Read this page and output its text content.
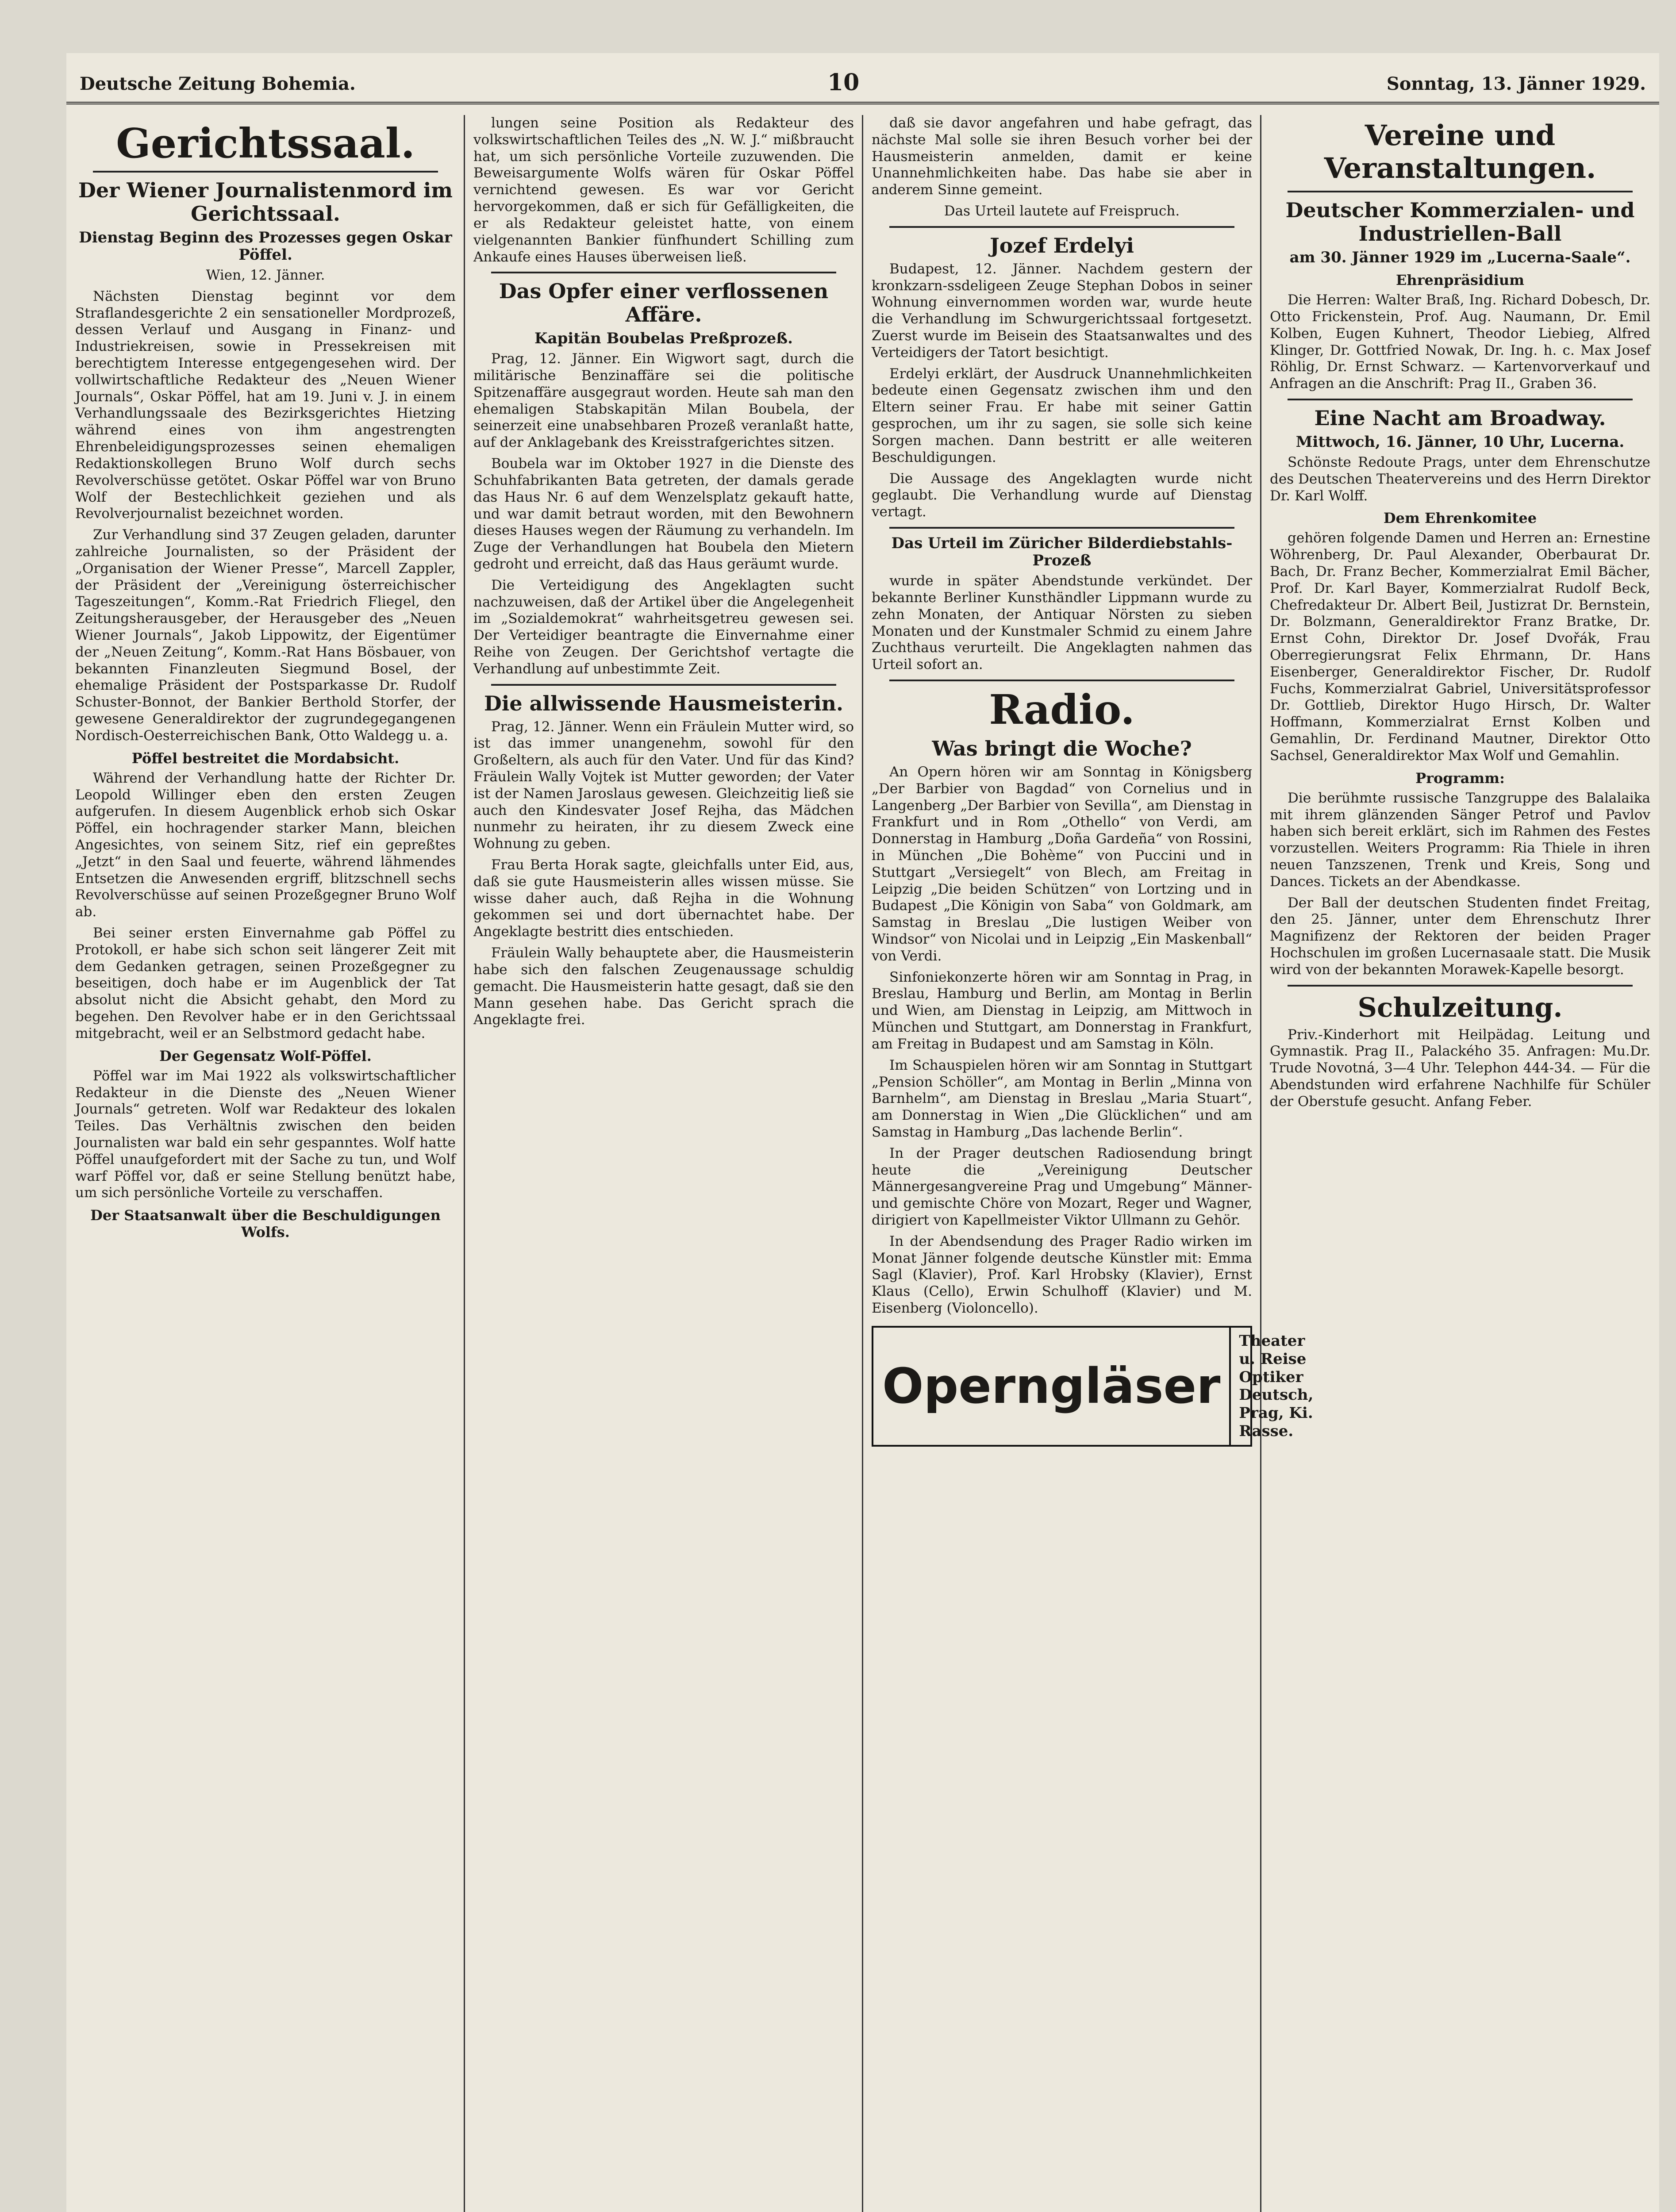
Deutsche Zeitung Bohemia.	10	Sonntag, 13. Jänner 1929.
Gerichtssaal.
Der Wiener Journalistenmord im Gerichtssaal.
Dienstag Beginn des Prozesses gegen Oskar Pöffel.

Wien, 12. Jänner.

Nächsten Dienstag beginnt vor dem Straflandesgerichte 2 ein sensationeller Mordprozeß, dessen Verlauf und Ausgang in Finanz- und Industriekreisen, sowie in Pressekreisen mit berechtigtem Interesse entgegengesehen wird. Der vollwirtschaftliche Redakteur des „Neuen Wiener Journals“, Oskar Pöffel, hat am 19. Juni v. J. in einem Verhandlungssaale des Bezirksgerichtes Hietzing während eines von ihm angestrengten Ehrenbeleidigungsprozesses seinen ehemaligen Redaktionskollegen Bruno Wolf durch sechs Revolverschüsse getötet. Oskar Pöffel war von Bruno Wolf der Bestechlichkeit geziehen und als Revolverjournalist bezeichnet worden.

Zur Verhandlung sind 37 Zeugen geladen, darunter zahlreiche Journalisten, so der Präsident der „Organisation der Wiener Presse“, Marcell Zappler, der Präsident der „Vereinigung österreichischer Tageszeitungen“, Komm.-Rat Friedrich Fliegel, den Zeitungsherausgeber, der Herausgeber des „Neuen Wiener Journals“, Jakob Lippowitz, der Eigentümer der „Neuen Zeitung“, Komm.-Rat Hans Bösbauer, von bekannten Finanzleuten Siegmund Bosel, der ehemalige Präsident der Postsparkasse Dr. Rudolf Schuster-Bonnot, der Bankier Berthold Storfer, der gewesene Generaldirektor der zugrundegegangenen Nordisch-Oesterreichischen Bank, Otto Waldegg u. a.

Pöffel bestreitet die Mordabsicht.

Während der Verhandlung hatte der Richter Dr. Leopold Willinger eben den ersten Zeugen aufgerufen. In diesem Augenblick erhob sich Oskar Pöffel, ein hochragender starker Mann, bleichen Angesichtes, von seinem Sitz, rief ein gepreßtes „Jetzt“ in den Saal und feuerte, während lähmendes Entsetzen die Anwesenden ergriff, blitzschnell sechs Revolverschüsse auf seinen Prozeßgegner Bruno Wolf ab.

Bei seiner ersten Einvernahme gab Pöffel zu Protokoll, er habe sich schon seit längerer Zeit mit dem Gedanken getragen, seinen Prozeßgegner zu beseitigen, doch habe er im Augenblick der Tat absolut nicht die Absicht gehabt, den Mord zu begehen. Den Revolver habe er in den Gerichtssaal mitgebracht, weil er an Selbstmord gedacht habe.

Der Gegensatz Wolf-Pöffel.

Pöffel war im Mai 1922 als volkswirtschaftlicher Redakteur in die Dienste des „Neuen Wiener Journals“ getreten. Wolf war Redakteur des lokalen Teiles. Das Verhältnis zwischen den beiden Journalisten war bald ein sehr gespanntes. Wolf hatte Pöffel unaufgefordert mit der Sache zu tun, und Wolf warf Pöffel vor, daß er seine Stellung benützt habe, um sich persönliche Vorteile zu verschaffen.

Der Staatsanwalt über die Beschuldigungen Wolfs.

lungen seine Position als Redakteur des volkswirtschaftlichen Teiles des „N. W. J.“ mißbraucht hat, um sich persönliche Vorteile zuzuwenden. Die Beweisargumente Wolfs wären für Oskar Pöffel vernichtend gewesen. Es war vor Gericht hervorgekommen, daß er sich für Gefälligkeiten, die er als Redakteur geleistet hatte, von einem vielgenannten Bankier fünfhundert Schilling zum Ankaufe eines Hauses überweisen ließ.

Das Opfer einer verflossenen Affäre.
Kapitän Boubelas Preßprozeß.

Prag, 12. Jänner. Ein Wigwort sagt, durch die militärische Benzinaffäre sei die politische Spitzenaffäre ausgegraut worden. Heute sah man den ehemaligen Stabskapitän Milan Boubela, der seinerzeit eine unabsehbaren Prozeß veranlaßt hatte, auf der Anklagebank des Kreisstrafgerichtes sitzen.

Boubela war im Oktober 1927 in die Dienste des Schuhfabrikanten Bata getreten, der damals gerade das Haus Nr. 6 auf dem Wenzelsplatz gekauft hatte, und war damit betraut worden, mit den Bewohnern dieses Hauses wegen der Räumung zu verhandeln. Im Zuge der Verhandlungen hat Boubela den Mietern gedroht und erreicht, daß das Haus geräumt wurde.

Die Verteidigung des Angeklagten sucht nachzuweisen, daß der Artikel über die Angelegenheit im „Sozialdemokrat“ wahrheitsgetreu gewesen sei. Der Verteidiger beantragte die Einvernahme einer Reihe von Zeugen. Der Gerichtshof vertagte die Verhandlung auf unbestimmte Zeit.

Die allwissende Hausmeisterin.

Prag, 12. Jänner. Wenn ein Fräulein Mutter wird, so ist das immer unangenehm, sowohl für den Großeltern, als auch für den Vater. Und für das Kind? Fräulein Wally Vojtek ist Mutter geworden; der Vater ist der Namen Jaroslaus gewesen. Gleichzeitig ließ sie auch den Kindesvater Josef Rejha, das Mädchen nunmehr zu heiraten, ihr zu diesem Zweck eine Wohnung zu geben.

Frau Berta Horak sagte, gleichfalls unter Eid, aus, daß sie gute Hausmeisterin alles wissen müsse. Sie wisse daher auch, daß Rejha in die Wohnung gekommen sei und dort übernachtet habe. Der Angeklagte bestritt dies entschieden.

Fräulein Wally behauptete aber, die Hausmeisterin habe sich den falschen Zeugenaussage schuldig gemacht. Die Hausmeisterin hatte gesagt, daß sie den Mann gesehen habe. Das Gericht sprach die Angeklagte frei.

daß sie davor angefahren und habe gefragt, das nächste Mal solle sie ihren Besuch vorher bei der Hausmeisterin anmelden, damit er keine Unannehmlichkeiten habe. Das habe sie aber in anderem Sinne gemeint.

Das Urteil lautete auf Freispruch.

Jozef Erdelyi

Budapest, 12. Jänner. Nachdem gestern der kronkzarn-ssdeligeen Zeuge Stephan Dobos in seiner Wohnung einvernommen worden war, wurde heute die Verhandlung im Schwurgerichtssaal fortgesetzt. Zuerst wurde im Beisein des Staatsanwaltes und des Verteidigers der Tatort besichtigt.

Erdelyi erklärt, der Ausdruck Unannehmlichkeiten bedeute einen Gegensatz zwischen ihm und den Eltern seiner Frau. Er habe mit seiner Gattin gesprochen, um ihr zu sagen, sie solle sich keine Sorgen machen. Dann bestritt er alle weiteren Beschuldigungen.

Die Aussage des Angeklagten wurde nicht geglaubt. Die Verhandlung wurde auf Dienstag vertagt.

Das Urteil im Züricher Bilderdiebstahls-Prozeß

wurde in später Abendstunde verkündet. Der bekannte Berliner Kunsthändler Lippmann wurde zu zehn Monaten, der Antiquar Nörsten zu sieben Monaten und der Kunstmaler Schmid zu einem Jahre Zuchthaus verurteilt. Die Angeklagten nahmen das Urteil sofort an.

Radio.
Was bringt die Woche?

An Opern hören wir am Sonntag in Königsberg „Der Barbier von Bagdad“ von Cornelius und in Langenberg „Der Barbier von Sevilla“, am Dienstag in Frankfurt und in Rom „Othello“ von Verdi, am Donnerstag in Hamburg „Doña Gardeña“ von Rossini, in München „Die Bohème“ von Puccini und in Stuttgart „Versiegelt“ von Blech, am Freitag in Leipzig „Die beiden Schützen“ von Lortzing und in Budapest „Die Königin von Saba“ von Goldmark, am Samstag in Breslau „Die lustigen Weiber von Windsor“ von Nicolai und in Leipzig „Ein Maskenball“ von Verdi.

Sinfoniekonzerte hören wir am Sonntag in Prag, in Breslau, Hamburg und Berlin, am Montag in Berlin und Wien, am Dienstag in Leipzig, am Mittwoch in München und Stuttgart, am Donnerstag in Frankfurt, am Freitag in Budapest und am Samstag in Köln.

Im Schauspielen hören wir am Sonntag in Stuttgart „Pension Schöller“, am Montag in Berlin „Minna von Barnhelm“, am Dienstag in Breslau „Maria Stuart“, am Donnerstag in Wien „Die Glücklichen“ und am Samstag in Hamburg „Das lachende Berlin“.

In der Prager deutschen Radiosendung bringt heute die „Vereinigung Deutscher Männergesangvereine Prag und Umgebung“ Männer- und gemischte Chöre von Mozart, Reger und Wagner, dirigiert von Kapellmeister Viktor Ullmann zu Gehör.

In der Abendsendung des Prager Radio wirken im Monat Jänner folgende deutsche Künstler mit: Emma Sagl (Klavier), Prof. Karl Hrobsky (Klavier), Ernst Klaus (Cello), Erwin Schulhoff (Klavier) und M. Eisenberg (Violoncello).

Operngläser
Theater u. Reise Optiker Deutsch, Prag, Ki. Rasse.
Vereine und Veranstaltungen.
Deutscher Kommerzialen- und Industriellen-Ball
am 30. Jänner 1929 im „Lucerna-Saale“.
Ehrenpräsidium

Die Herren: Walter Braß, Ing. Richard Dobesch, Dr. Otto Frickenstein, Prof. Aug. Naumann, Dr. Emil Kolben, Eugen Kuhnert, Theodor Liebieg, Alfred Klinger, Dr. Gottfried Nowak, Dr. Ing. h. c. Max Josef Röhlig, Dr. Ernst Schwarz. — Kartenvorverkauf und Anfragen an die Anschrift: Prag II., Graben 36.

Eine Nacht am Broadway.
Mittwoch, 16. Jänner, 10 Uhr, Lucerna.

Schönste Redoute Prags, unter dem Ehrenschutze des Deutschen Theatervereins und des Herrn Direktor Dr. Karl Wolff.

Dem Ehrenkomitee

gehören folgende Damen und Herren an: Ernestine Wöhrenberg, Dr. Paul Alexander, Oberbaurat Dr. Bach, Dr. Franz Becher, Kommerzialrat Emil Bächer, Prof. Dr. Karl Bayer, Kommerzialrat Rudolf Beck, Chefredakteur Dr. Albert Beil, Justizrat Dr. Bernstein, Dr. Bolzmann, Generaldirektor Franz Bratke, Dr. Ernst Cohn, Direktor Dr. Josef Dvořák, Frau Oberregierungsrat Felix Ehrmann, Dr. Hans Eisenberger, Generaldirektor Fischer, Dr. Rudolf Fuchs, Kommerzialrat Gabriel, Universitätsprofessor Dr. Gottlieb, Direktor Hugo Hirsch, Dr. Walter Hoffmann, Kommerzialrat Ernst Kolben und Gemahlin, Dr. Ferdinand Mautner, Direktor Otto Sachsel, Generaldirektor Max Wolf und Gemahlin.

Programm:

Die berühmte russische Tanzgruppe des Balalaika mit ihrem glänzenden Sänger Petrof und Pavlov haben sich bereit erklärt, sich im Rahmen des Festes vorzustellen. Weiters Programm: Ria Thiele in ihren neuen Tanzszenen, Trenk und Kreis, Song und Dances. Tickets an der Abendkasse.

Der Ball der deutschen Studenten findet Freitag, den 25. Jänner, unter dem Ehrenschutz Ihrer Magnifizenz der Rektoren der beiden Prager Hochschulen im großen Lucernasaale statt. Die Musik wird von der bekannten Morawek-Kapelle besorgt.

Schulzeitung.

Priv.-Kinderhort mit Heilpädag. Leitung und Gymnastik. Prag II., Palackého 35. Anfragen: Mu.Dr. Trude Novotná, 3—4 Uhr. Telephon 444-34. — Für die Abendstunden wird erfahrene Nachhilfe für Schüler der Oberstufe gesucht. Anfang Feber.
